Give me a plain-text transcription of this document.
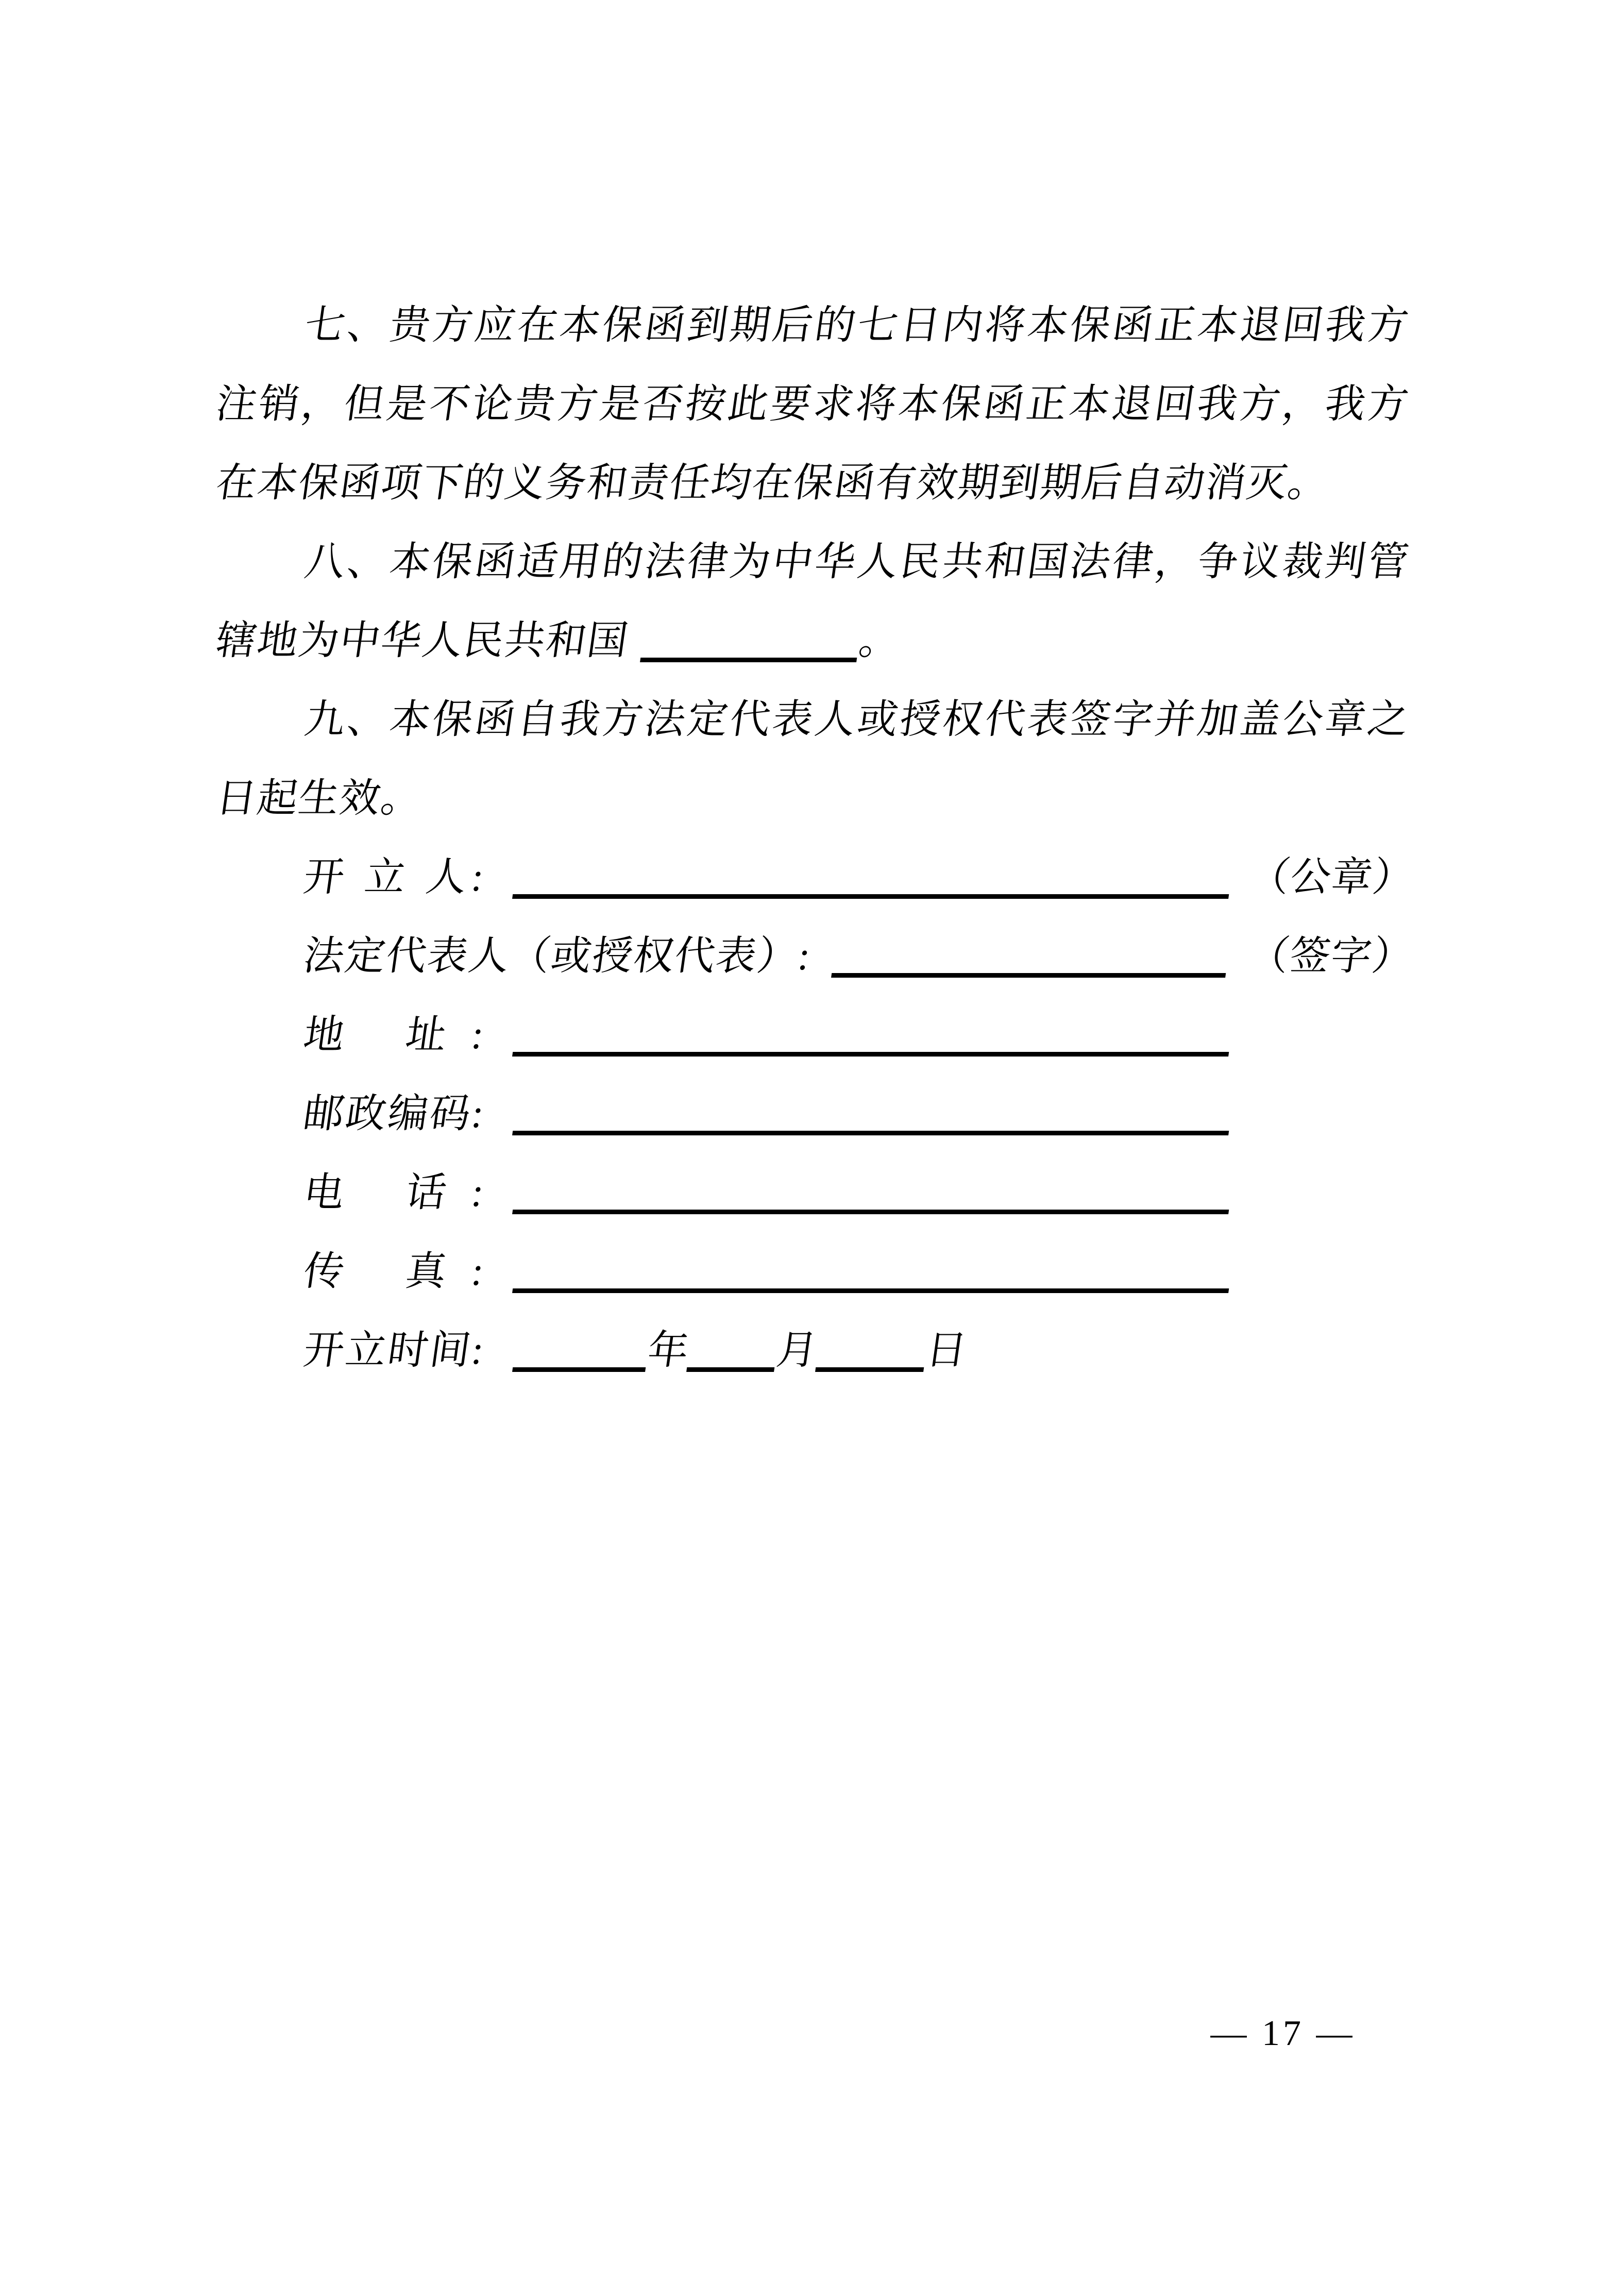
七、贵方应在本保函到期后的七日内将本保函正本退回我方
注销，但是不论贵方是否按此要求将本保函正本退回我方，我方
在本保函项下的义务和责任均在保函有效期到期后自动消灭。
八、本保函适用的法律为中华人民共和国法律，争议裁判管
辖地为中华人民共和国	。
九、本保函自我方法定代表人或授权代表签字并加盖公章之
日起生效。
开 立 人:	（公章）
法定代表人（或授权代表）:	（签字）
地 址:
邮政编码:
电 话:
传 真:
开立时间:	年 月	日
— 17 —
